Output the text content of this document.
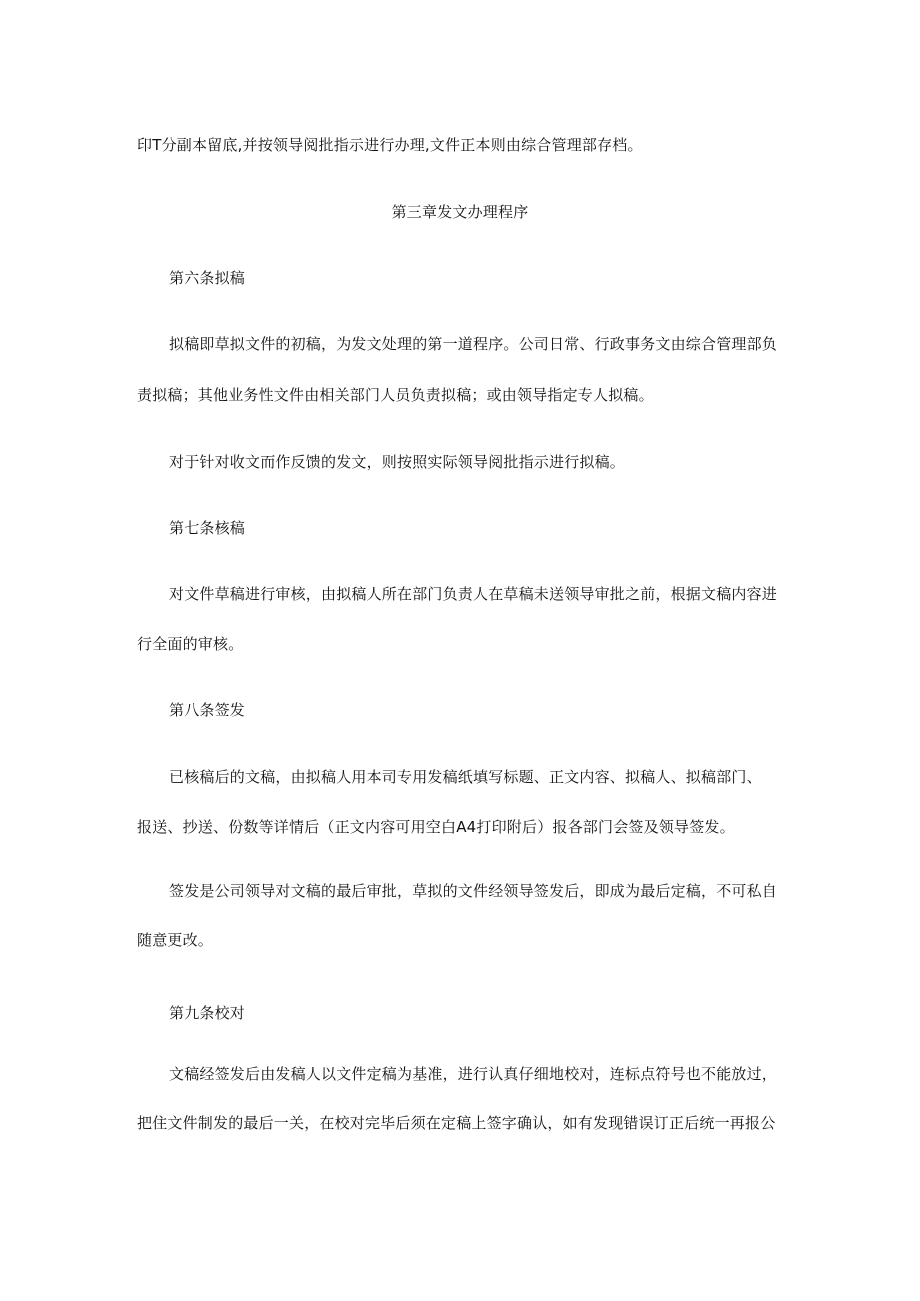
印T分副本留底,并按领导阅批指示进行办理,文件正本则由综合管理部存档。
第三章发文办理程序
第六条拟稿
拟稿即草拟文件的初稿，为发文处理的第一道程序。公司日常、行政事务文由综合管理部负
责拟稿；其他业务性文件由相关部门人员负责拟稿；或由领导指定专人拟稿。
对于针对收文而作反馈的发文，则按照实际领导阅批指示进行拟稿。
第七条核稿
对文件草稿进行审核，由拟稿人所在部门负责人在草稿未送领导审批之前，根据文稿内容进
行全面的审核。
第八条签发
已核稿后的文稿，由拟稿人用本司专用发稿纸填写标题、正文内容、拟稿人、拟稿部门、
报送、抄送、份数等详情后（正文内容可用空白A4打印附后）报各部门会签及领导签发。
签发是公司领导对文稿的最后审批，草拟的文件经领导签发后，即成为最后定稿，不可私自
随意更改。
第九条校对
文稿经签发后由发稿人以文件定稿为基准，进行认真仔细地校对，连标点符号也不能放过，
把住文件制发的最后一关，在校对完毕后须在定稿上签字确认，如有发现错误订正后统一再报公
